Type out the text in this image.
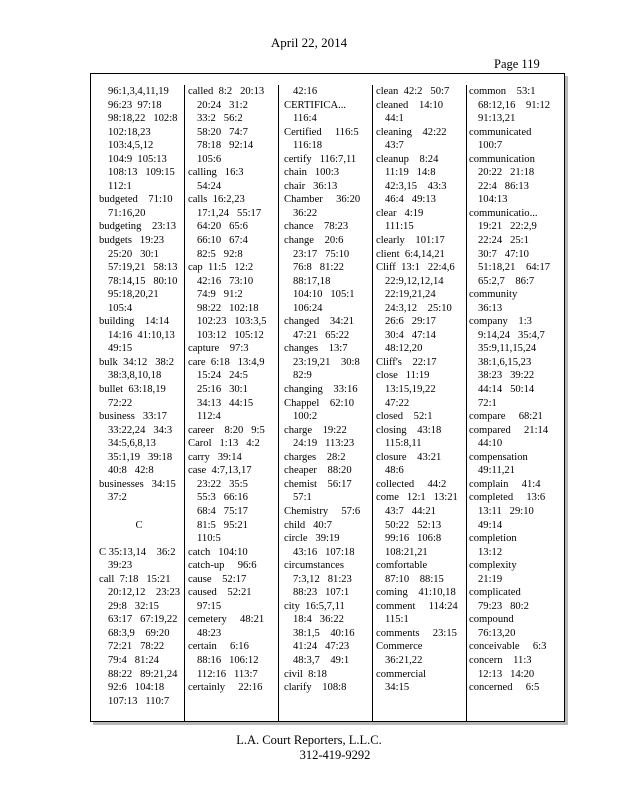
April 22, 2014
Page 119
96:1,3,4,11,19
96:23  97:18
98:18,22   102:8
102:18,23
103:4,5,12
104:9  105:13
108:13   109:15
112:1
budgeted    71:10
71:16,20
budgeting    23:13
budgets   19:23
25:20   30:1
57:19,21   58:13
78:14,15   80:10
95:18,20,21
105:4
building    14:14
14:16  41:10,13
49:15
bulk  34:12   38:2
38:3,8,10,18
bullet  63:18,19
72:22
business   33:17
33:22,24   34:3
34:5,6,8,13
35:1,19   39:18
40:8   42:8
businesses   34:15
37:2
C
C 35:13,14    36:2
39:23
call  7:18   15:21
20:12,12    23:23
29:8   32:15
63:17   67:19,22
68:3,9    69:20
72:21   78:22
79:4   81:24
88:22   89:21,24
92:6   104:18
107:13   110:7
called  8:2   20:13
20:24   31:2
33:2   56:2
58:20   74:7
78:18   92:14
105:6
calling   16:3
54:24
calls  16:2,23
17:1,24   55:17
64:20   65:6
66:10   67:4
82:5   92:8
cap  11:5   12:2
42:16   73:10
74:9   91:2
98:22   102:18
102:23   103:3,5
103:12   105:12
capture    97:3
care  6:18   13:4,9
15:24   24:5
25:16   30:1
34:13   44:15
112:4
career    8:20   9:5
Carol   1:13   4:2
carry   39:14
case  4:7,13,17
23:22   35:5
55:3   66:16
68:4   75:17
81:5   95:21
110:5
catch   104:10
catch-up     96:6
cause    52:17
caused    52:21
97:15
cemetery     48:21
48:23
certain     6:16
88:16   106:12
112:16   113:7
certainly     22:16
42:16
CERTIFICA...
116:4
Certified     116:5
116:18
certify   116:7,11
chain   100:3
chair   36:13
Chamber     36:20
36:22
chance    78:23
change    20:6
23:17   75:10
76:8   81:22
88:17,18
104:10   105:1
106:24
changed    34:21
47:21   65:22
changes    13:7
23:19,21    30:8
82:9
changing    33:16
Chappel    62:10
100:2
charge    19:22
24:19   113:23
charges    28:2
cheaper    88:20
chemist    56:17
57:1
Chemistry     57:6
child   40:7
circle   39:19
43:16   107:18
circumstances
7:3,12   81:23
88:23   107:1
city  16:5,7,11
18:4   36:22
38:1,5    40:16
41:24   47:23
48:3,7    49:1
civil  8:18
clarify    108:8
clean  42:2   50:7
cleaned    14:10
44:1
cleaning    42:22
43:7
cleanup    8:24
11:19   14:8
42:3,15    43:3
46:4   49:13
clear   4:19
111:15
clearly    101:17
client  6:4,14,21
Cliff  13:1   22:4,6
22:9,12,12,14
22:19,21,24
24:3,12    25:10
26:6   29:17
30:4   47:14
48:12,20
Cliff's    22:17
close   11:19
13:15,19,22
47:22
closed    52:1
closing    43:18
115:8,11
closure    43:21
48:6
collected     44:2
come   12:1   13:21
43:7   44:21
50:22   52:13
99:16   106:8
108:21,21
comfortable
87:10    88:15
coming    41:10,18
comment     114:24
115:1
comments     23:15
Commerce
36:21,22
commercial
34:15
common    53:1
68:12,16    91:12
91:13,21
communicated
100:7
communication
20:22   21:18
22:4   86:13
104:13
communicatio...
19:21   22:2,9
22:24   25:1
30:7   47:10
51:18,21    64:17
65:2,7    86:7
community
36:13
company    1:3
9:14,24   35:4,7
35:9,11,15,24
38:1,6,15,23
38:23   39:22
44:14   50:14
72:1
compare     68:21
compared     21:14
44:10
compensation
49:11,21
complain     41:4
completed     13:6
13:11   29:10
49:14
completion
13:12
complexity
21:19
complicated
79:23   80:2
compound
76:13,20
conceivable     6:3
concern    11:3
12:13   14:20
concerned     6:5
L.A. Court Reporters, L.L.C.
312-419-9292
